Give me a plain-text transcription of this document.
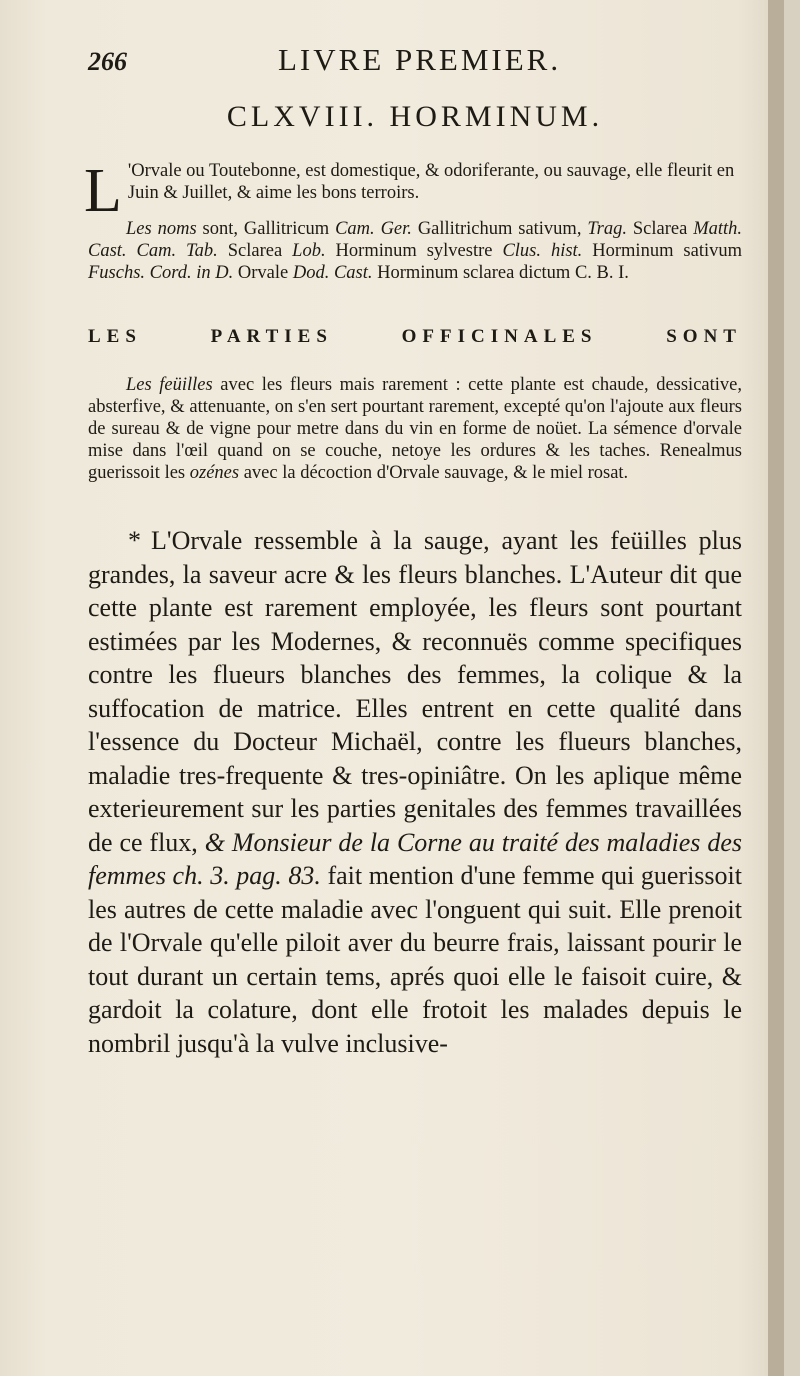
266	LIVRE PREMIER.
CLXVIII. HORMINUM.

L 'Orvale ou Toutebonne, est domestique, & odoriferante, ou sauvage, elle fleurit en Juin & Juillet, & aime les bons terroirs.

Les noms sont, Gallitricum Cam. Ger. Gallitrichum sativum, Trag. Sclarea Matth. Cast. Cam. Tab. Sclarea Lob. Horminum sylvestre Clus. hist. Horminum sativum Fuschs. Cord. in D. Orvale Dod. Cast. Horminum sclarea dictum C. B. I.

LES	PARTIES	OFFICINALES	SONT

Les feüilles avec les fleurs mais rarement : cette plante est chaude, dessicative, absterfive, & attenuante, on s'en sert pourtant rarement, excepté qu'on l'ajoute aux fleurs de sureau & de vigne pour metre dans du vin en forme de noüet. La sémence d'orvale mise dans l'œil quand on se couche, netoye les ordures & les taches. Renealmus guerissoit les ozénes avec la décoction d'Orvale sauvage, & le miel rosat.

* L'Orvale ressemble à la sauge, ayant les feüilles plus grandes, la saveur acre & les fleurs blanches. L'Auteur dit que cette plante est rarement employée, les fleurs sont pourtant estimées par les Modernes, & reconnuës comme specifiques contre les flueurs blanches des femmes, la colique & la suffocation de matrice. Elles entrent en cette qualité dans l'essence du Docteur Michaël, contre les flueurs blanches, maladie tres-frequente & tres-opiniâtre. On les aplique même exterieurement sur les parties genitales des femmes travaillées de ce flux, & Monsieur de la Corne au traité des maladies des femmes ch. 3. pag. 83. fait mention d'une femme qui guerissoit les autres de cette maladie avec l'onguent qui suit. Elle prenoit de l'Orvale qu'elle piloit aver du beurre frais, laissant pourir le tout durant un certain tems, aprés quoi elle le faisoit cuire, & gardoit la colature, dont elle frotoit les malades depuis le nombril jusqu'à la vulve inclusive-
